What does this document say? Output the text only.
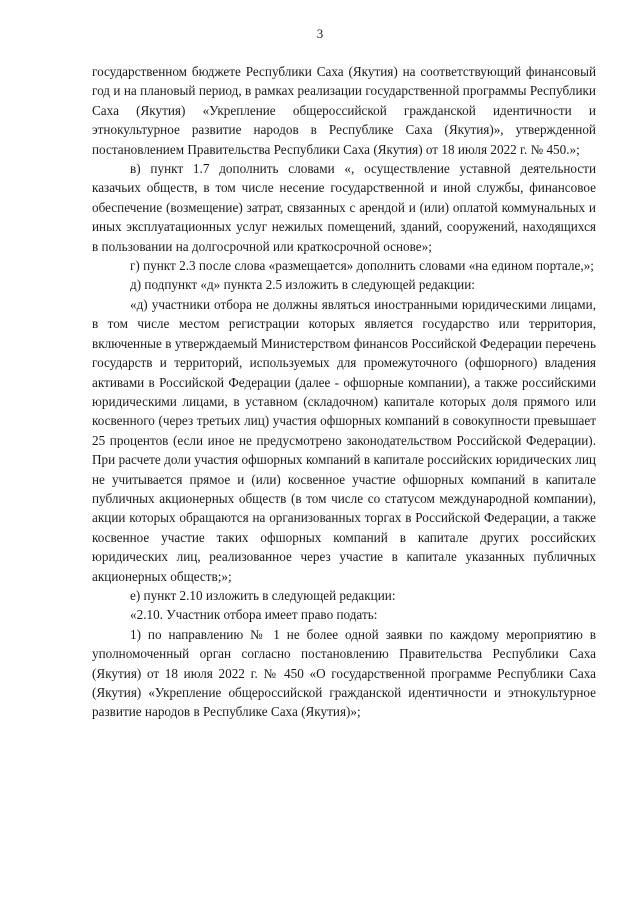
3

государственном бюджете Республики Саха (Якутия) на соответствующий финансовый год и на плановый период, в рамках реализации государственной программы Республики Саха (Якутия) «Укрепление общероссийской гражданской идентичности и этнокультурное развитие народов в Республике Саха (Якутия)», утвержденной постановлением Правительства Республики Саха (Якутия) от 18 июля 2022 г. № 450.»;

в) пункт 1.7 дополнить словами «, осуществление уставной деятельности казачьих обществ, в том числе несение государственной и иной службы, финансовое обеспечение (возмещение) затрат, связанных с арендой и (или) оплатой коммунальных и иных эксплуатационных услуг нежилых помещений, зданий, сооружений, находящихся в пользовании на долгосрочной или краткосрочной основе»;

г) пункт 2.3 после слова «размещается» дополнить словами «на едином портале,»;

д) подпункт «д» пункта 2.5 изложить в следующей редакции:

«д) участники отбора не должны являться иностранными юридическими лицами, в том числе местом регистрации которых является государство или территория, включенные в утверждаемый Министерством финансов Российской Федерации перечень государств и территорий, используемых для промежуточного (офшорного) владения активами в Российской Федерации (далее - офшорные компании), а также российскими юридическими лицами, в уставном (складочном) капитале которых доля прямого или косвенного (через третьих лиц) участия офшорных компаний в совокупности превышает 25 процентов (если иное не предусмотрено законодательством Российской Федерации). При расчете доли участия офшорных компаний в капитале российских юридических лиц не учитывается прямое и (или) косвенное участие офшорных компаний в капитале публичных акционерных обществ (в том числе со статусом международной компании), акции которых обращаются на организованных торгах в Российской Федерации, а также косвенное участие таких офшорных компаний в капитале других российских юридических лиц, реализованное через участие в капитале указанных публичных акционерных обществ;»;

е) пункт 2.10 изложить в следующей редакции:

«2.10. Участник отбора имеет право подать:

1) по направлению № 1 не более одной заявки по каждому мероприятию в уполномоченный орган согласно постановлению Правительства Республики Саха (Якутия) от 18 июля 2022 г. № 450 «О государственной программе Республики Саха (Якутия) «Укрепление общероссийской гражданской идентичности и этнокультурное развитие народов в Республике Саха (Якутия)»;
